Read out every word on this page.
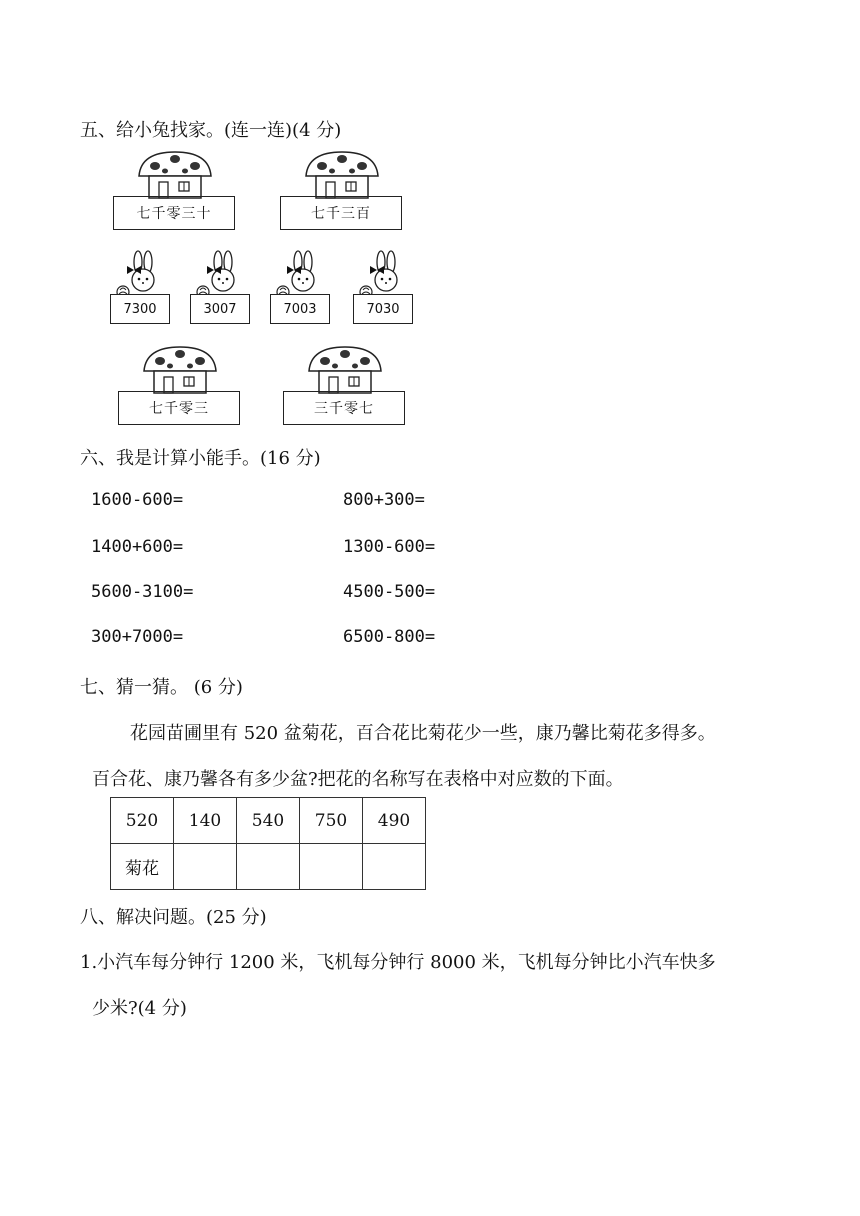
五、给小兔找家。(连一连)(4 分)
七千零三十	七千三百
7300	3007	7003	7030
七千零三	三千零七
六、我是计算小能手。(16 分)
1600-600=	800+300=
1400+600=	1300-600=
5600-3100=	4500-500=
300+7000=	6500-800=
七、猜一猜。 (6 分)
花园苗圃里有 520 盆菊花，百合花比菊花少一些，康乃馨比菊花多得多。
百合花、康乃馨各有多少盆?把花的名称写在表格中对应数的下面。
520	140	540	750	490
菊花				
八、解决问题。(25 分)
1.小汽车每分钟行 1200 米，飞机每分钟行 8000 米，飞机每分钟比小汽车快多
少米?(4 分)
